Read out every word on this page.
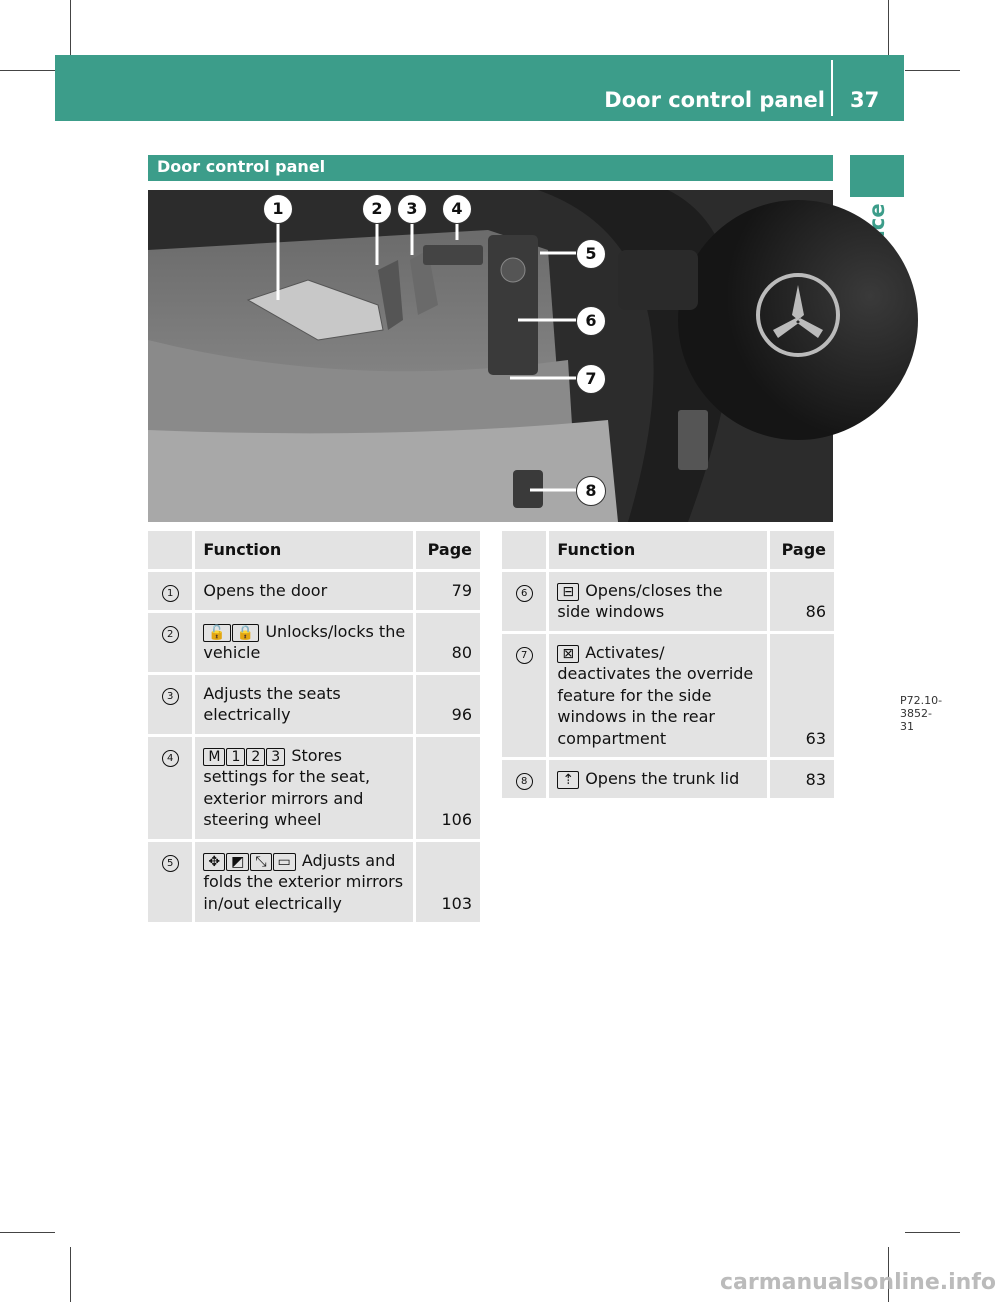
Door control panel 37
Door control panel
P72.10-3852-31
1	2	3	4
5
6
7
8
	Function	Page
1	Opens the door	79
2	🔓 🔒 Unlocks/locks the vehicle	80
3	Adjusts the seats electrically	96
4	M 1 2 3 Stores settings for the seat, exterior mirrors and steering wheel	106
5	✥ ◩ ⤡ ▭ Adjusts and folds the exterior mirrors in/out electrically	103
	Function	Page
6	⊟ Opens/closes the side windows	86
7	⊠ Activates/ deactivates the override feature for the side windows in the rear compartment	63
8	⇡ Opens the trunk lid	83
carmanualsonline.info
